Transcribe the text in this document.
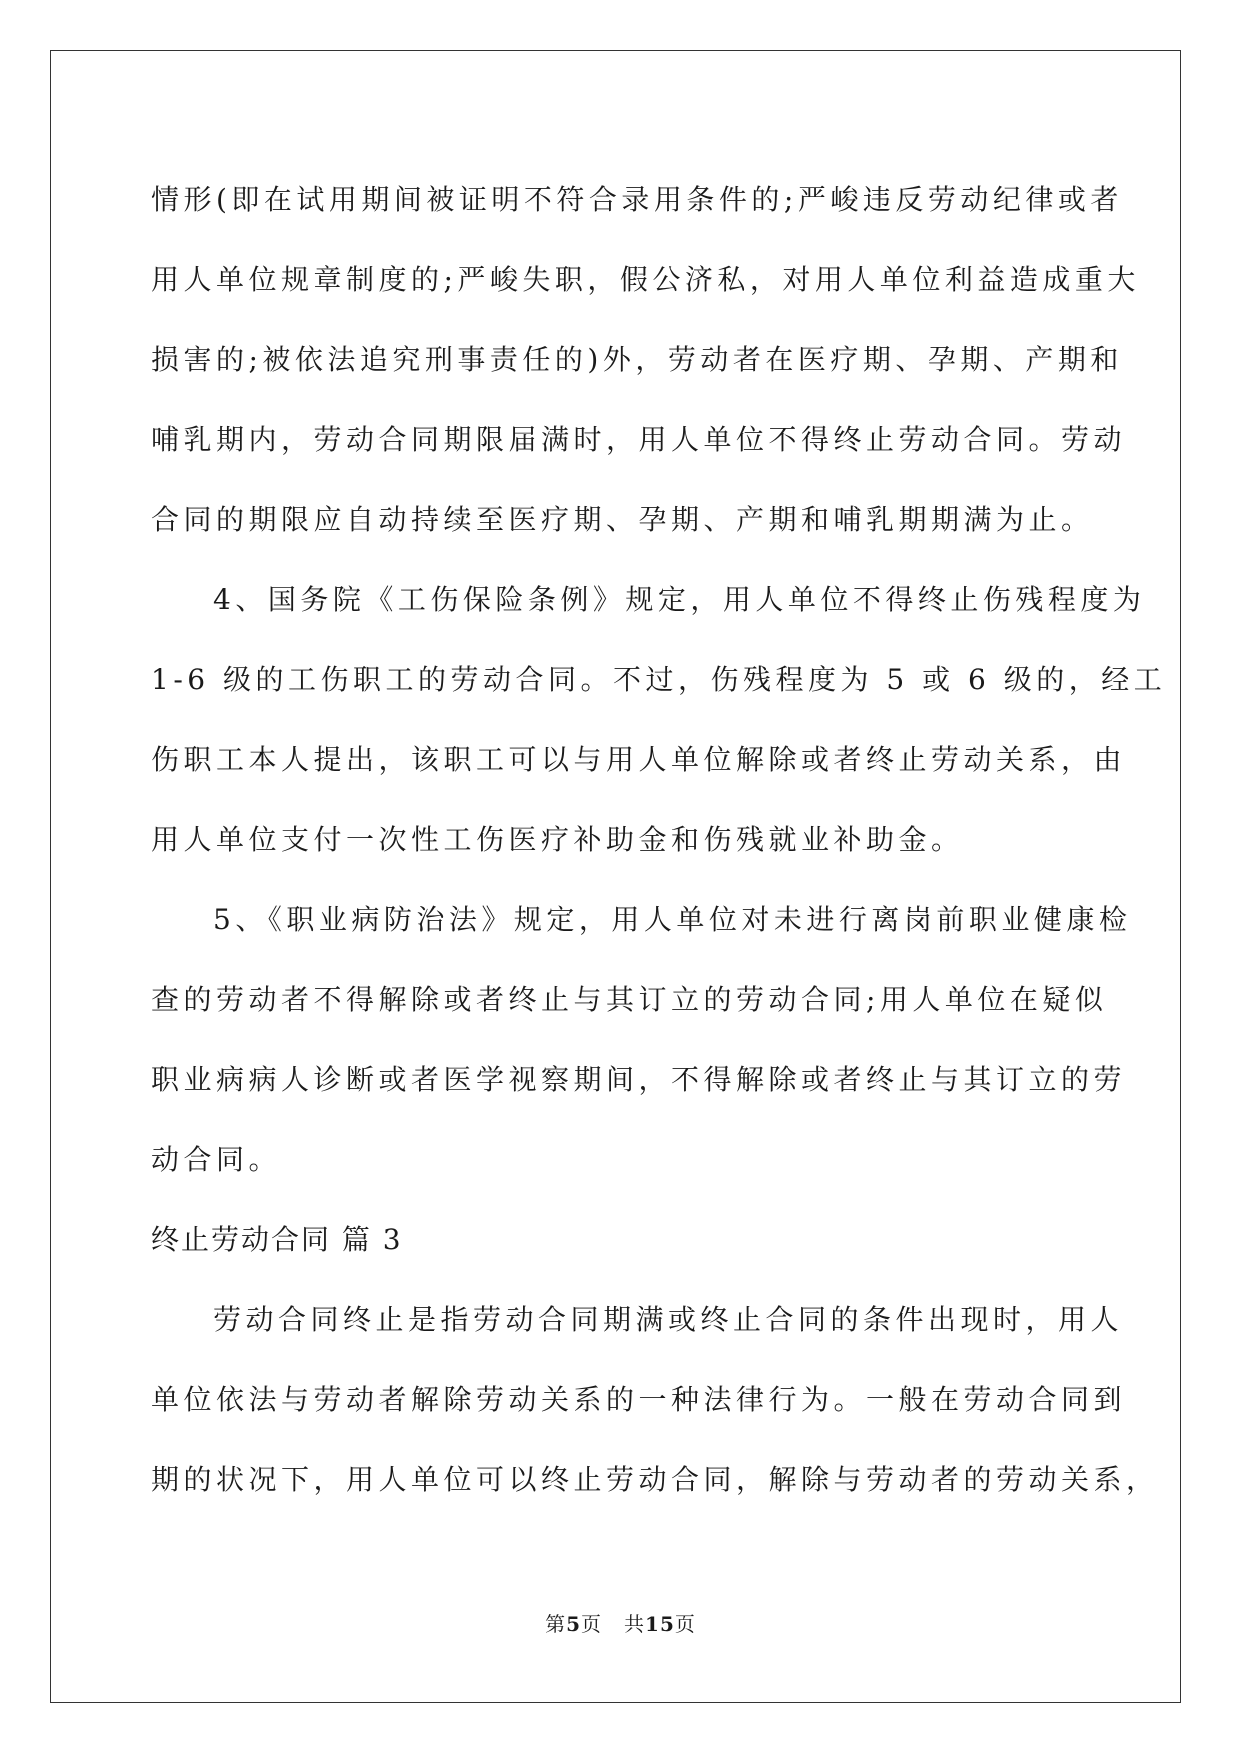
情形(即在试用期间被证明不符合录用条件的;严峻违反劳动纪律或者
用人单位规章制度的;严峻失职，假公济私，对用人单位利益造成重大
损害的;被依法追究刑事责任的)外，劳动者在医疗期、孕期、产期和
哺乳期内，劳动合同期限届满时，用人单位不得终止劳动合同。劳动
合同的期限应自动持续至医疗期、孕期、产期和哺乳期期满为止。
4、国务院《工伤保险条例》规定，用人单位不得终止伤残程度为
1-6 级的工伤职工的劳动合同。不过，伤残程度为 5 或 6 级的，经工
伤职工本人提出，该职工可以与用人单位解除或者终止劳动关系，由
用人单位支付一次性工伤医疗补助金和伤残就业补助金。
5、《职业病防治法》规定，用人单位对未进行离岗前职业健康检
查的劳动者不得解除或者终止与其订立的劳动合同;用人单位在疑似
职业病病人诊断或者医学视察期间，不得解除或者终止与其订立的劳
动合同。
终止劳动合同 篇 3
劳动合同终止是指劳动合同期满或终止合同的条件出现时，用人
单位依法与劳动者解除劳动关系的一种法律行为。一般在劳动合同到
期的状况下，用人单位可以终止劳动合同，解除与劳动者的劳动关系，
第5页 共15页
